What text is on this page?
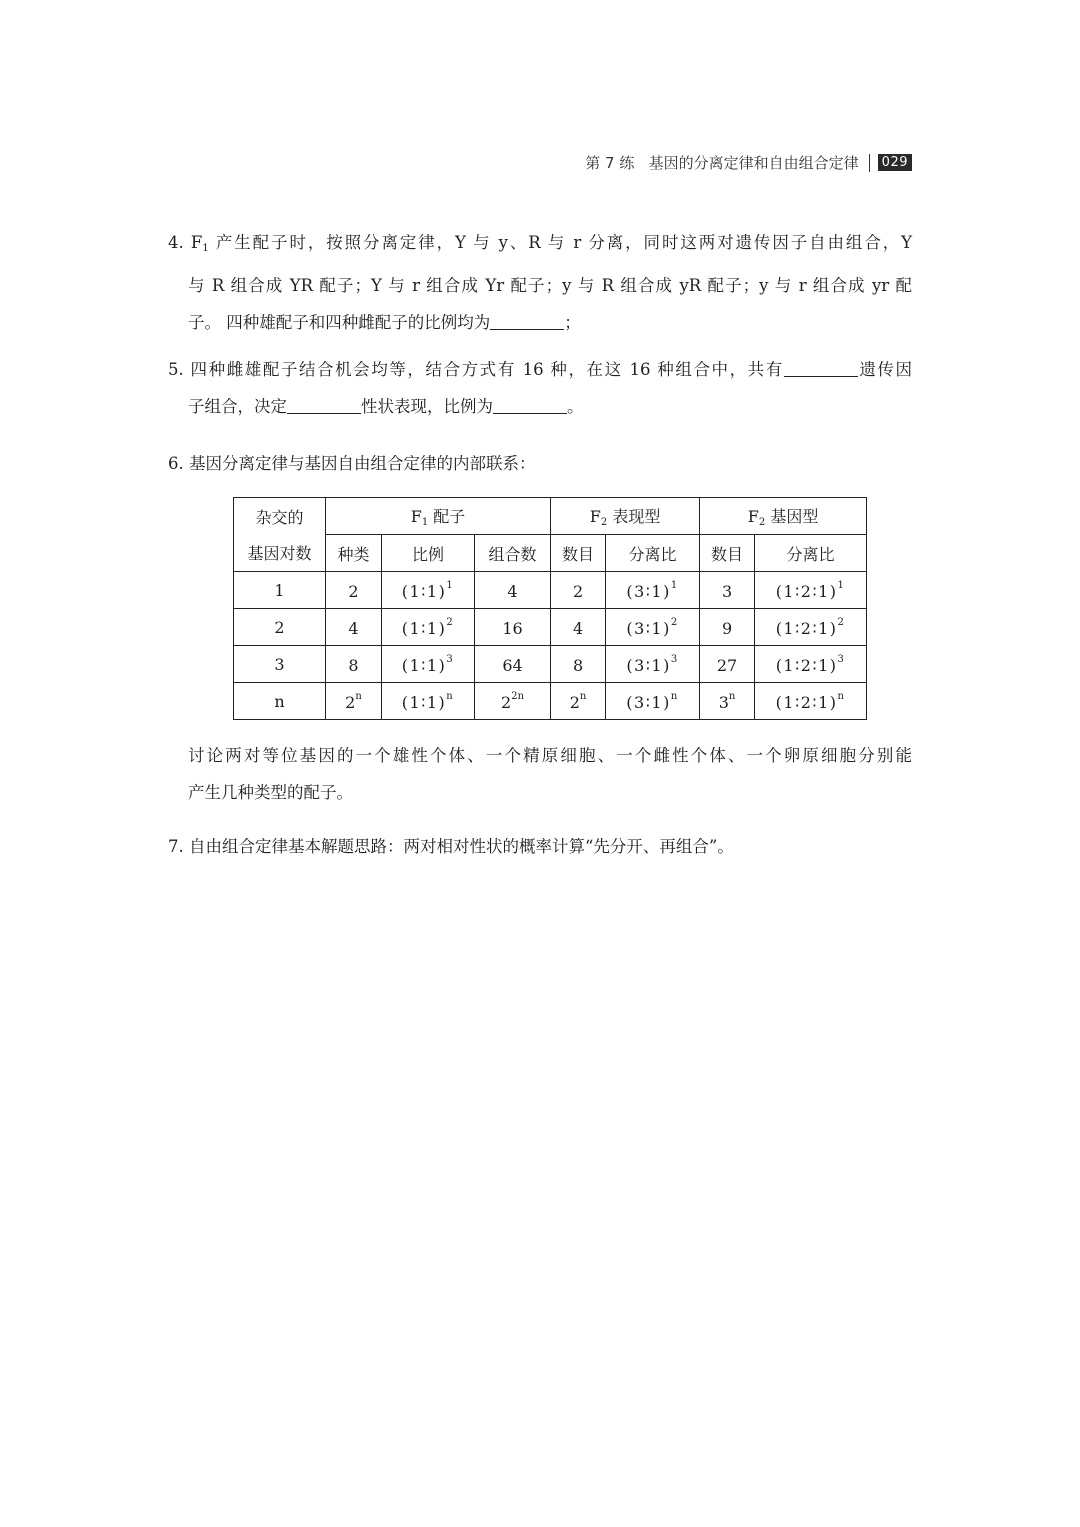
第 7 练   基因的分离定律和自由组合定律	029

4. $F_1$ 产生配子时，按照分离定律，Y 与 y、R 与 r 分离，同时这两对遗传因子自由组合，Y

与 R 组合成 YR 配子；Y 与 r 组合成 Yr 配子；y 与 R 组合成 yR 配子；y 与 r 组合成 yr 配

子。 四种雄配子和四种雌配子的比例均为	；

5. 四种雌雄配子结合机会均等，结合方式有 16 种，在这 16 种组合中，共有	遗传因

子组合，决定	性状表现，比例为	。

6. 基因分离定律与基因自由组合定律的内部联系：

杂交的	$F_1$ 配子			$F_2$ 表现型		$F_2$ 基因型	
基因对数	种类	比例	组合数	数目	分离比	数目	分离比
1	2	(1∶1)$^1$	4	2	(3∶1)$^1$	3	(1∶2∶1)$^1$
2	4	(1∶1)$^2$	16	4	(3∶1)$^2$	9	(1∶2∶1)$^2$
3	8	(1∶1)$^3$	64	8	(3∶1)$^3$	27	(1∶2∶1)$^3$
n	2$^n$	(1∶1)$^n$	$2^{2n}$	2$^n$	(3∶1)$^n$	3$^n$	(1∶2∶1)$^n$

讨论两对等位基因的一个雄性个体、一个精原细胞、一个雌性个体、一个卵原细胞分别能

产生几种类型的配子。

7. 自由组合定律基本解题思路：两对相对性状的概率计算“先分开、再组合”。
